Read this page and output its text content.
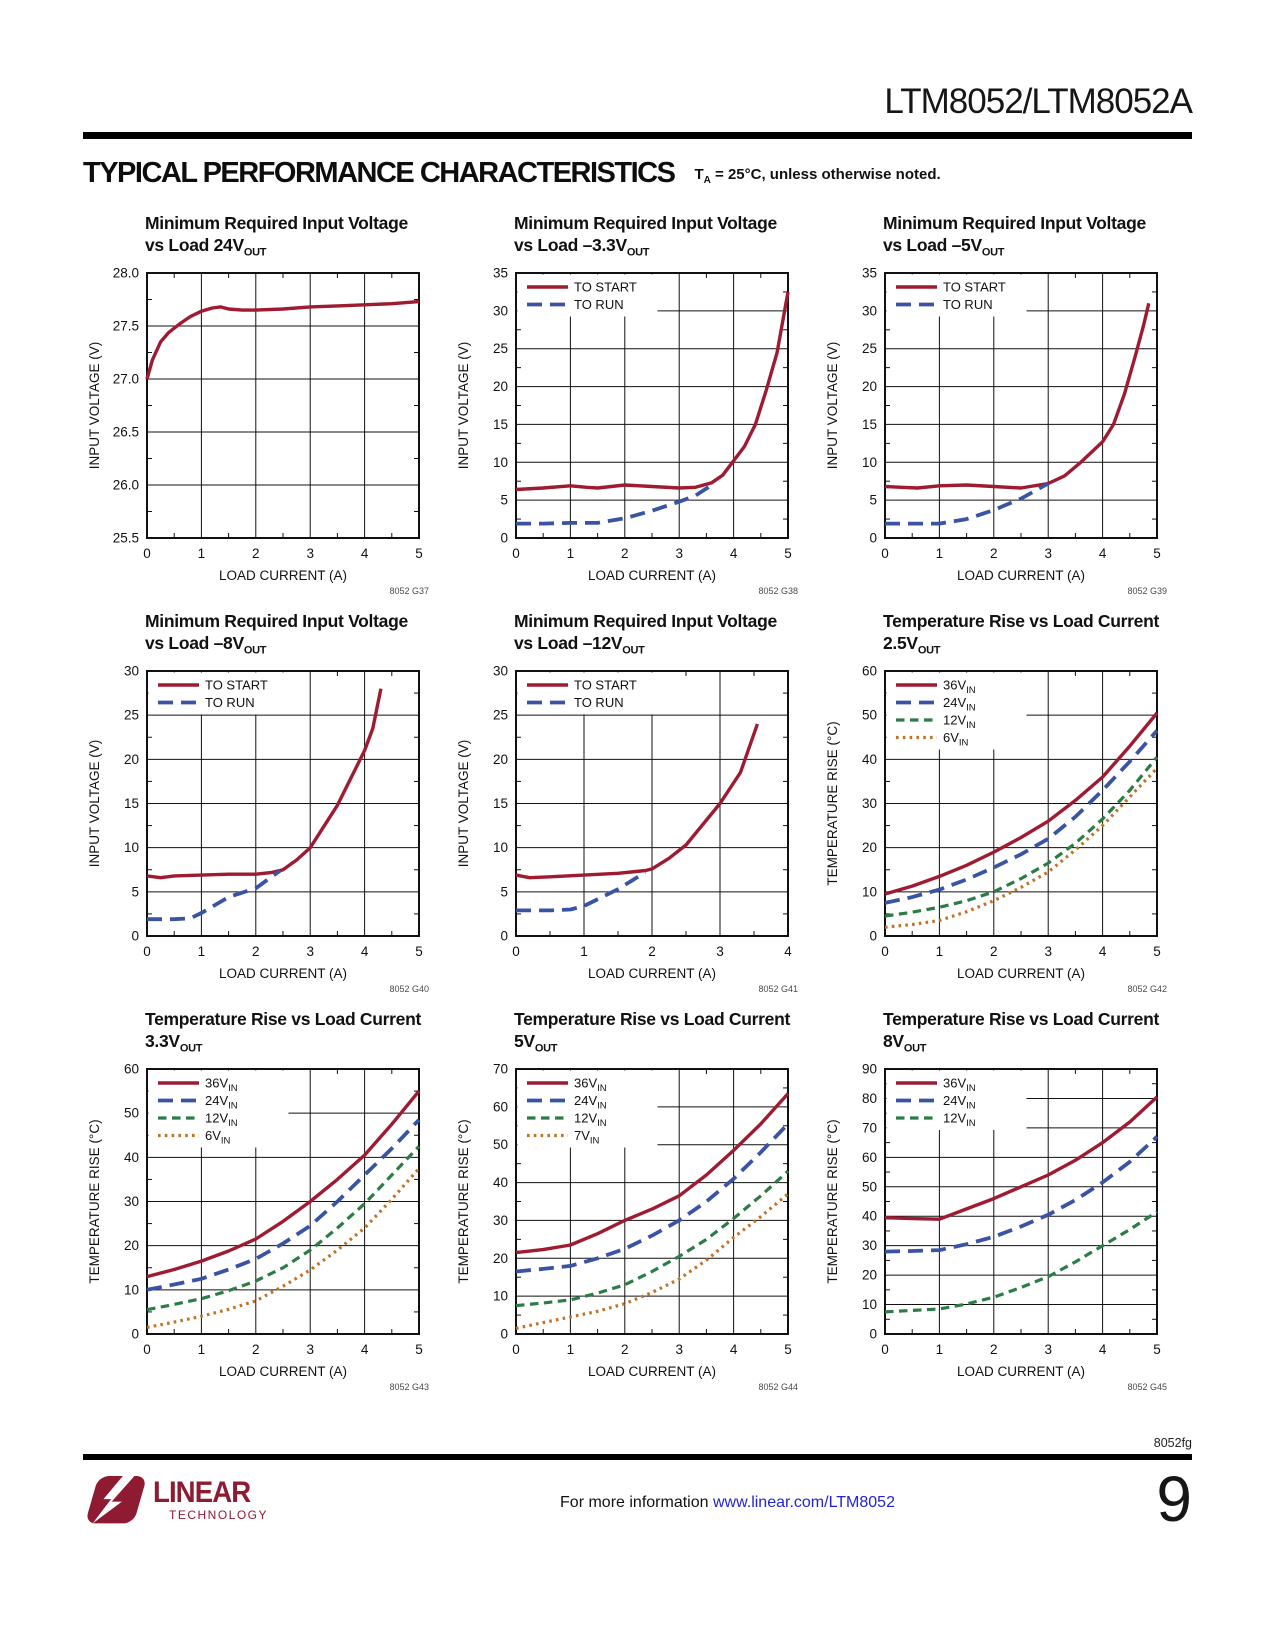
LTM8052/LTM8052A
TYPICAL PERFORMANCE CHARACTERISTICS $T_A = 25^\circ C$, unless otherwise noted.
Minimum Required Input Voltage
vs Load $24V_{OUT}$
25.5
26.0
26.5
27.0
27.5
28.0
0	1	2	3	4	5
LOAD CURRENT (A)
INPUT VOLTAGE (V)
8052 G37
Minimum Required Input Voltage
vs Load $-3.3V_{OUT}$
0
5
10
15
20
25
30
35
0	1	2	3	4	5
TO START
TO RUN
LOAD CURRENT (A)
INPUT VOLTAGE (V)
8052 G38
Minimum Required Input Voltage
vs Load $-5V_{OUT}$
0
5
10
15
20
25
30
35
0	1	2	3	4	5
TO START
TO RUN
LOAD CURRENT (A)
INPUT VOLTAGE (V)
8052 G39
Minimum Required Input Voltage
vs Load $-8V_{OUT}$
0
5
10
15
20
25
30
0	1	2	3	4	5
TO START
TO RUN
LOAD CURRENT (A)
INPUT VOLTAGE (V)
8052 G40
Minimum Required Input Voltage
vs Load $-12V_{OUT}$
0
5
10
15
20
25
30
0	1	2	3	4
TO START
TO RUN
LOAD CURRENT (A)
INPUT VOLTAGE (V)
8052 G41
Temperature Rise vs Load Current
$2.5V_{OUT}$
0
10
20
30
40
50
60
0	1	2	3	4	5
$36V_{IN}$
$24V_{IN}$
$12V_{IN}$
$6V_{IN}$
LOAD CURRENT (A)
TEMPERATURE RISE (°C)
8052 G42
Temperature Rise vs Load Current
$3.3V_{OUT}$
0
10
20
30
40
50
60
0	1	2	3	4	5
$36V_{IN}$
$24V_{IN}$
$12V_{IN}$
$6V_{IN}$
LOAD CURRENT (A)
TEMPERATURE RISE (°C)
8052 G43
Temperature Rise vs Load Current
$5V_{OUT}$
0
10
20
30
40
50
60
70
0	1	2	3	4	5
$36V_{IN}$
$24V_{IN}$
$12V_{IN}$
$7V_{IN}$
LOAD CURRENT (A)
TEMPERATURE RISE (°C)
8052 G44
Temperature Rise vs Load Current
$8V_{OUT}$
0
10
20
30
40
50
60
70
80
90
0	1	2	3	4	5
$36V_{IN}$
$24V_{IN}$
$12V_{IN}$
LOAD CURRENT (A)
TEMPERATURE RISE (°C)
8052 G45
8052fg
LINEAR
TECHNOLOGY
For more information www.linear.com/LTM8052	9
